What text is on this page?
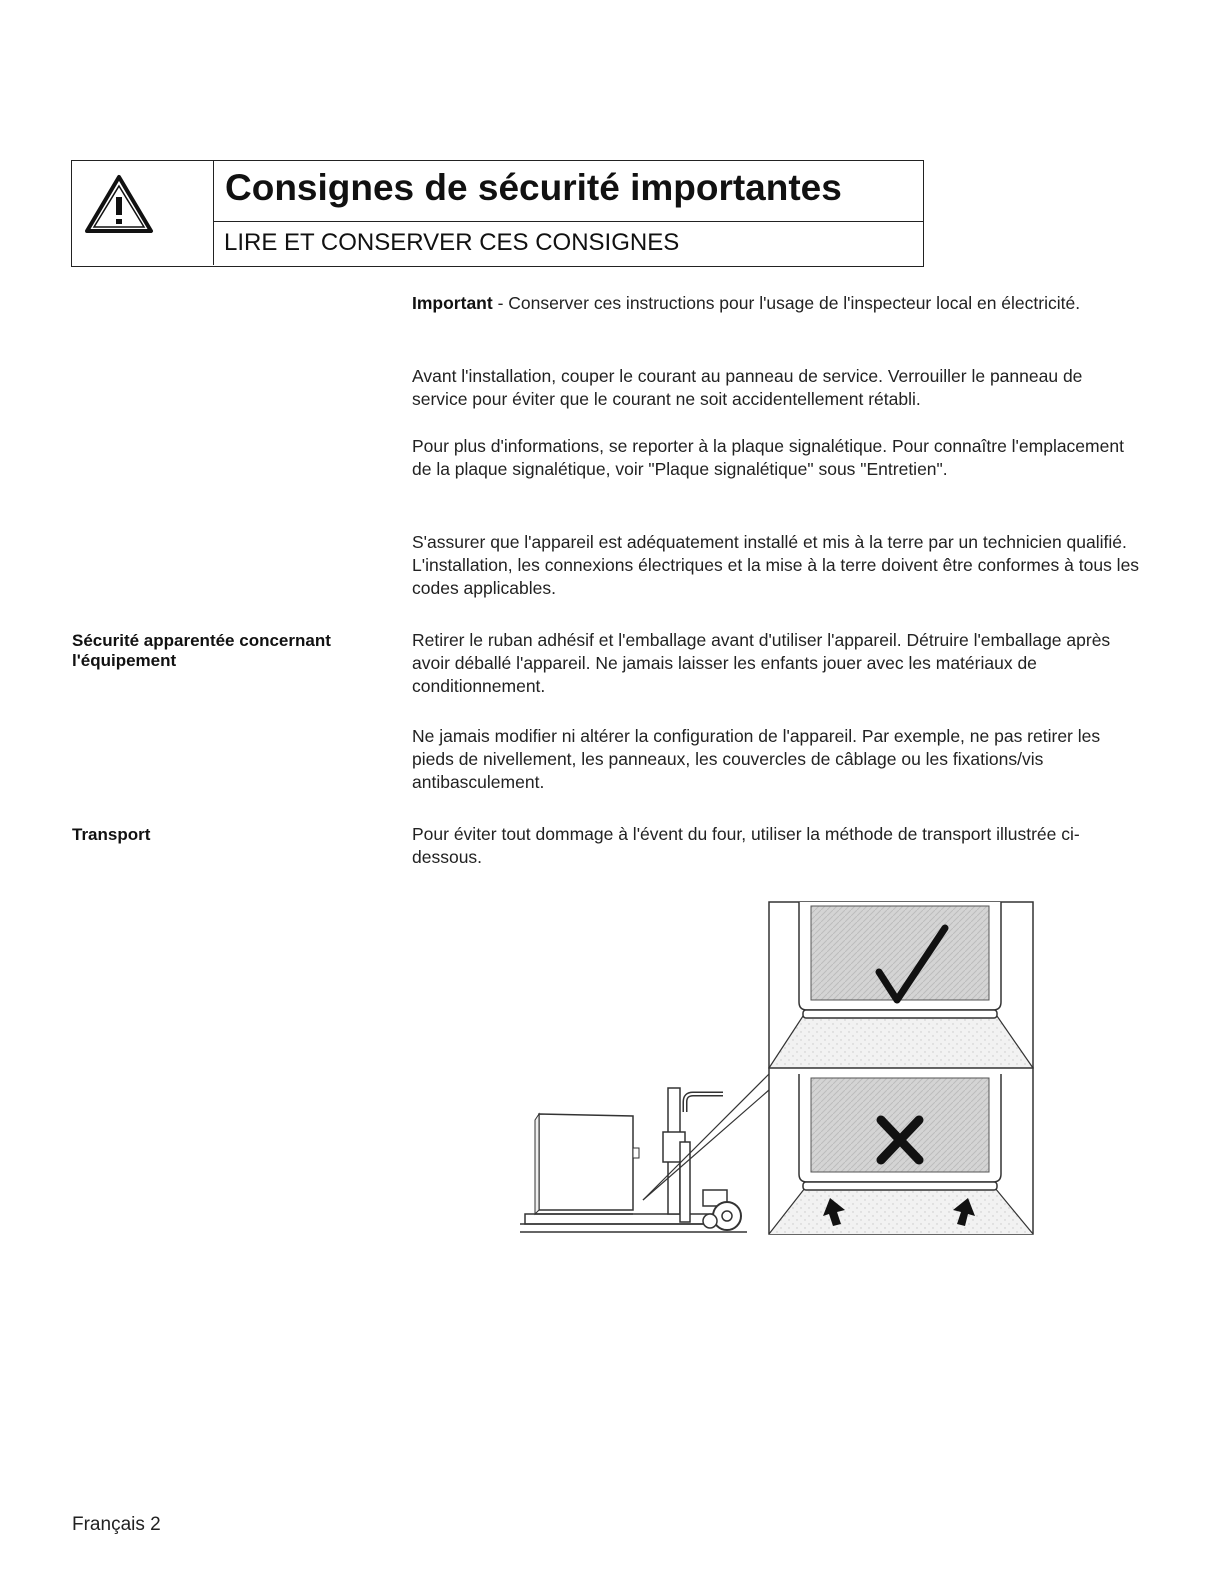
Consignes de sécurité importantes
LIRE ET CONSERVER CES CONSIGNES

Important - Conserver ces instructions pour l'usage de l'inspecteur local en électricité.

Avant l'installation, couper le courant au panneau de service. Verrouiller le panneau de service pour éviter que le courant ne soit accidentellement rétabli.

Pour plus d'informations, se reporter à la plaque signalétique. Pour connaître l'emplacement de la plaque signalétique, voir "Plaque signalétique" sous "Entretien".

S'assurer que l'appareil est adéquatement installé et mis à la terre par un technicien qualifié. L'installation, les connexions électriques et la mise à la terre doivent être conformes à tous les codes applicables.

Sécurité apparentée concernant l'équipement

Retirer le ruban adhésif et l'emballage avant d'utiliser l'appareil. Détruire l'emballage après avoir déballé l'appareil. Ne jamais laisser les enfants jouer avec les matériaux de conditionnement.

Ne jamais modifier ni altérer la configuration de l'appareil. Par exemple, ne pas retirer les pieds de nivellement, les panneaux, les couvercles de câblage ou les fixations/vis antibasculement.

Transport	Pour éviter tout dommage à l'évent du four, utiliser la méthode de transport illustrée ci-dessous.

Français 2
